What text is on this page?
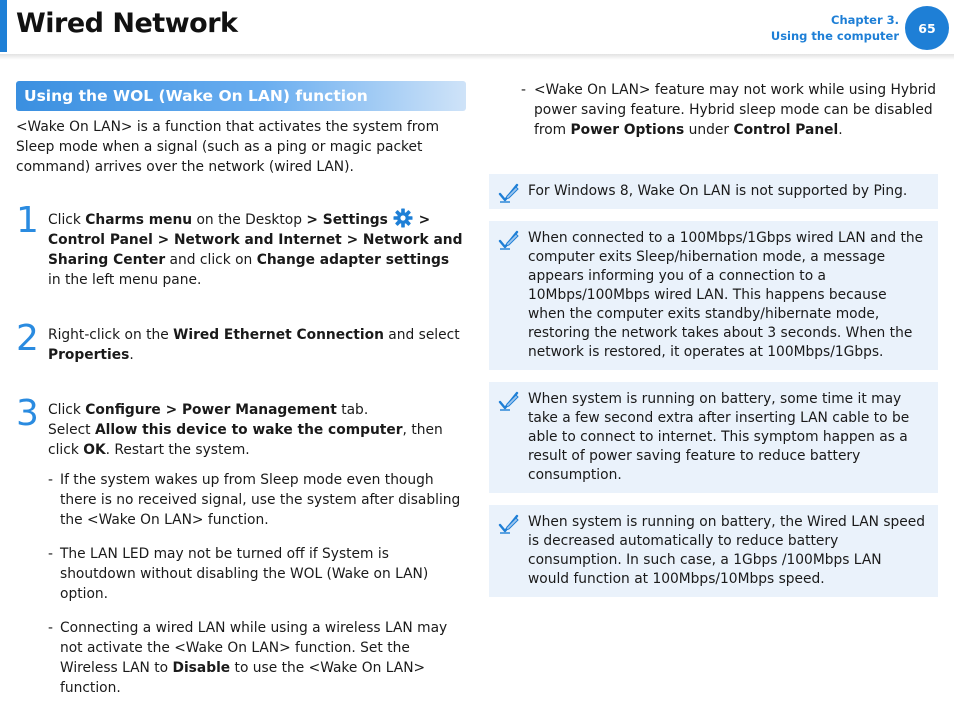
Wired Network	Chapter 3.
Using the computer
65
Using the WOL (Wake On LAN) function

<Wake On LAN> is a function that activates the system from Sleep mode when a signal (such as a ping or magic packet command) arrives over the network (wired LAN).

1 Click Charms menu on the Desktop > Settings  >
Control Panel > Network and Internet > Network and Sharing Center and click on Change adapter settings in the left menu pane.
2 Right-click on the Wired Ethernet Connection and select Properties.
3 Click Configure > Power Management tab.
Select Allow this device to wake the computer, then click OK. Restart the system.
- If the system wakes up from Sleep mode even though there is no received signal, use the system after disabling the <Wake On LAN> function.
- The LAN LED may not be turned off if System is shoutdown without disabling the WOL (Wake on LAN) option.
- Connecting a wired LAN while using a wireless LAN may not activate the <Wake On LAN> function. Set the Wireless LAN to Disable to use the <Wake On LAN> function.

- <Wake On LAN> feature may not work while using Hybrid power saving feature. Hybrid sleep mode can be disabled from Power Options under Control Panel.

For Windows 8, Wake On LAN is not supported by Ping.
When connected to a 100Mbps/1Gbps wired LAN and the computer exits Sleep/hibernation mode, a message appears informing you of a connection to a 10Mbps/100Mbps wired LAN. This happens because when the computer exits standby/hibernate mode, restoring the network takes about 3 seconds. When the network is restored, it operates at 100Mbps/1Gbps.
When system is running on battery, some time it may take a few second extra after inserting LAN cable to be able to connect to internet. This symptom happen as a result of power saving feature to reduce battery consumption.
When system is running on battery, the Wired LAN speed is decreased automatically to reduce battery consumption. In such case, a 1Gbps /100Mbps LAN would function at 100Mbps/10Mbps speed.
